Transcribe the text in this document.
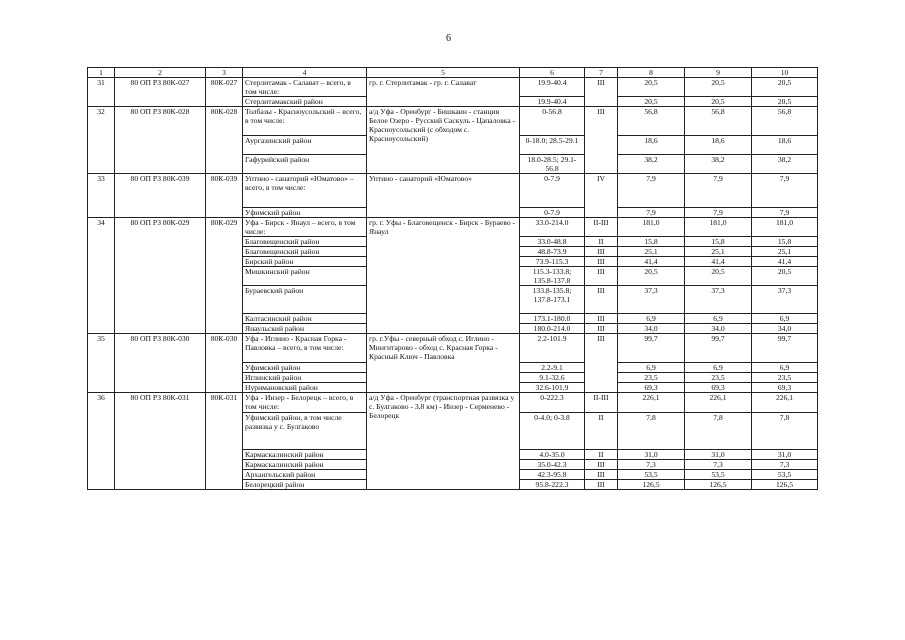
6
1	2	3	4	5	6	7	8	9	10
31	80 ОП РЗ 80К-027	80К-027	Стерлитамак - Салават – всего, в том числе:	гр. г. Стерлитамак - гр. г. Салават	19.9-40.4	III	20,5	20,5	20,5
			Стерлитамакский район		19.9-40.4		20,5	20,5	20,5
32	80 ОП РЗ 80К-028	80К-028	Толбазы - Красноусольский – всего, в том числе:	а/д Уфа - Оренбург - Бишкаин - станция Белое Озеро - Русский Саскуль - Цапаловка - Красноусольский (с обходом с. Красноусольский)	0-56.8	III	56,8	56,8	56,8
			Аургазинский район		0-18.0; 28.5-29.1		18,6	18,6	18,6
			Гафурийский район		18.0-28.5; 29.1-56.8		38,2	38,2	38,2
33	80 ОП РЗ 80К-039	80К-039	Уптино - санаторий «Юматово» – всего, в том числе:	Уптино - санаторий «Юматово»	0-7.9	IV	7,9	7,9	7,9
			Уфимский район		0-7.9		7,9	7,9	7,9
34	80 ОП РЗ 80К-029	80К-029	Уфа - Бирск - Янаул – всего, в том числе:	гр. г. Уфы - Благовещенск - Бирск - Бураево - Янаул	33.0-214.0	II-III	181,0	181,0	181,0
			Благовещенский район		33.0-48.8	II	15,8	15,8	15,8
			Благовещенский район		48.8-73.9	III	25,1	25,1	25,1
			Бирский район		73.9-115.3	III	41,4	41,4	41,4
			Мишкинский район		115.3-133.8; 135.8-137.8	III	20,5	20,5	20,5
			Бураевский район		133.8-135.8; 137.8-173.1	III	37,3	37,3	37,3
			Калтасинский район		173.1-180.0	III	6,9	6,9	6,9
			Янаульский район		180.0-214.0	III	34,0	34,0	34,0
35	80 ОП РЗ 80К-030	80К-030	Уфа - Иглино - Красная Горка - Павловка – всего, в том числе:	гр. г.Уфы - северный обход с. Иглино - Мингитарово - обход с. Красная Горка - Красный Ключ - Павловка	2.2-101.9	III	99,7	99,7	99,7
			Уфимский район		2.2-9.1		6,9	6,9	6,9
			Иглинский район		9.1-32.6		23,5	23,5	23,5
			Нуримановский район		32.6-101.9		69,3	69,3	69,3
36	80 ОП РЗ 80К-031	80К-031	Уфа - Инзер - Белорецк – всего, в том числе:	а/д Уфа - Оренбург (транспортная развязка у с. Булгаково - 3,8 км) - Инзер - Серменево - Белорецк	0-222.3	II-III	226,1	226,1	226,1
			Уфимский район, в том числе развязка у с. Булгаково		0-4.0; 0-3.8	II	7,8	7,8	7,8
			Кармаскалинский район		4.0-35.0	II	31,0	31,0	31,0
			Кармаскалинский район		35.0-42.3	III	7,3	7,3	7,3
			Архангельский район		42.3-95.8	III	53,5	53,5	53,5
			Белорецкий район		95.8-222.3	III	126,5	126,5	126,5
